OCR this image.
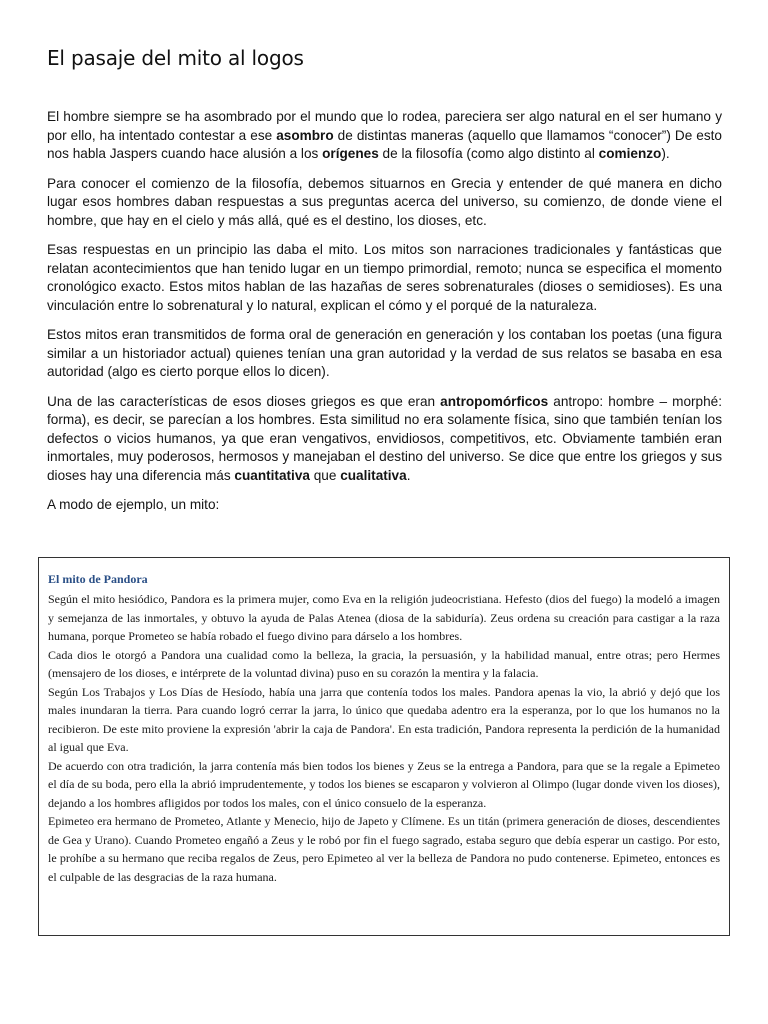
El pasaje del mito al logos

El hombre siempre se ha asombrado por el mundo que lo rodea, pareciera ser algo natural en el ser humano y por ello, ha intentado contestar a ese asombro de distintas maneras (aquello que llamamos “conocer”) De esto nos habla Jaspers cuando hace alusión a los orígenes de la filosofía (como algo distinto al comienzo).

Para conocer el comienzo de la filosofía, debemos situarnos en Grecia y entender de qué manera en dicho lugar esos hombres daban respuestas a sus preguntas acerca del universo, su comienzo, de donde viene el hombre, que hay en el cielo y más allá, qué es el destino, los dioses, etc.

Esas respuestas en un principio las daba el mito. Los mitos son narraciones tradicionales y fantásticas que relatan acontecimientos que han tenido lugar en un tiempo primordial, remoto; nunca se especifica el momento cronológico exacto. Estos mitos hablan de las hazañas de seres sobrenaturales (dioses o semidioses). Es una vinculación entre lo sobrenatural y lo natural, explican el cómo y el porqué de la naturaleza.

Estos mitos eran transmitidos de forma oral de generación en generación y los contaban los poetas (una figura similar a un historiador actual) quienes tenían una gran autoridad y la verdad de sus relatos se basaba en esa autoridad (algo es cierto porque ellos lo dicen).

Una de las características de esos dioses griegos es que eran antropomórficos antropo: hombre – morphé: forma), es decir, se parecían a los hombres. Esta similitud no era solamente física, sino que también tenían los defectos o vicios humanos, ya que eran vengativos, envidiosos, competitivos, etc. Obviamente también eran inmortales, muy poderosos, hermosos y manejaban el destino del universo. Se dice que entre los griegos y sus dioses hay una diferencia más cuantitativa que cualitativa.

A modo de ejemplo, un mito:

El mito de Pandora

Según el mito hesiódico, Pandora es la primera mujer, como Eva en la religión judeocristiana. Hefesto (dios del fuego) la modeló a imagen y semejanza de las inmortales, y obtuvo la ayuda de Palas Atenea (diosa de la sabiduría). Zeus ordena su creación para castigar a la raza humana, porque Prometeo se había robado el fuego divino para dárselo a los hombres.

Cada dios le otorgó a Pandora una cualidad como la belleza, la gracia, la persuasión, y la habilidad manual, entre otras; pero Hermes (mensajero de los dioses, e intérprete de la voluntad divina) puso en su corazón la mentira y la falacia.

Según Los Trabajos y Los Días de Hesíodo, había una jarra que contenía todos los males. Pandora apenas la vio, la abrió y dejó que los males inundaran la tierra. Para cuando logró cerrar la jarra, lo único que quedaba adentro era la esperanza, por lo que los humanos no la recibieron. De este mito proviene la expresión 'abrir la caja de Pandora'. En esta tradición, Pandora representa la perdición de la humanidad al igual que Eva.

De acuerdo con otra tradición, la jarra contenía más bien todos los bienes y Zeus se la entrega a Pandora, para que se la regale a Epimeteo el día de su boda, pero ella la abrió imprudentemente, y todos los bienes se escaparon y volvieron al Olimpo (lugar donde viven los dioses), dejando a los hombres afligidos por todos los males, con el único consuelo de la esperanza.

Epimeteo era hermano de Prometeo, Atlante y Menecio, hijo de Japeto y Clímene. Es un titán (primera generación de dioses, descendientes de Gea y Urano). Cuando Prometeo engañó a Zeus y le robó por fin el fuego sagrado, estaba seguro que debía esperar un castigo. Por esto, le prohíbe a su hermano que reciba regalos de Zeus, pero Epimeteo al ver la belleza de Pandora no pudo contenerse. Epimeteo, entonces es el culpable de las desgracias de la raza humana.
